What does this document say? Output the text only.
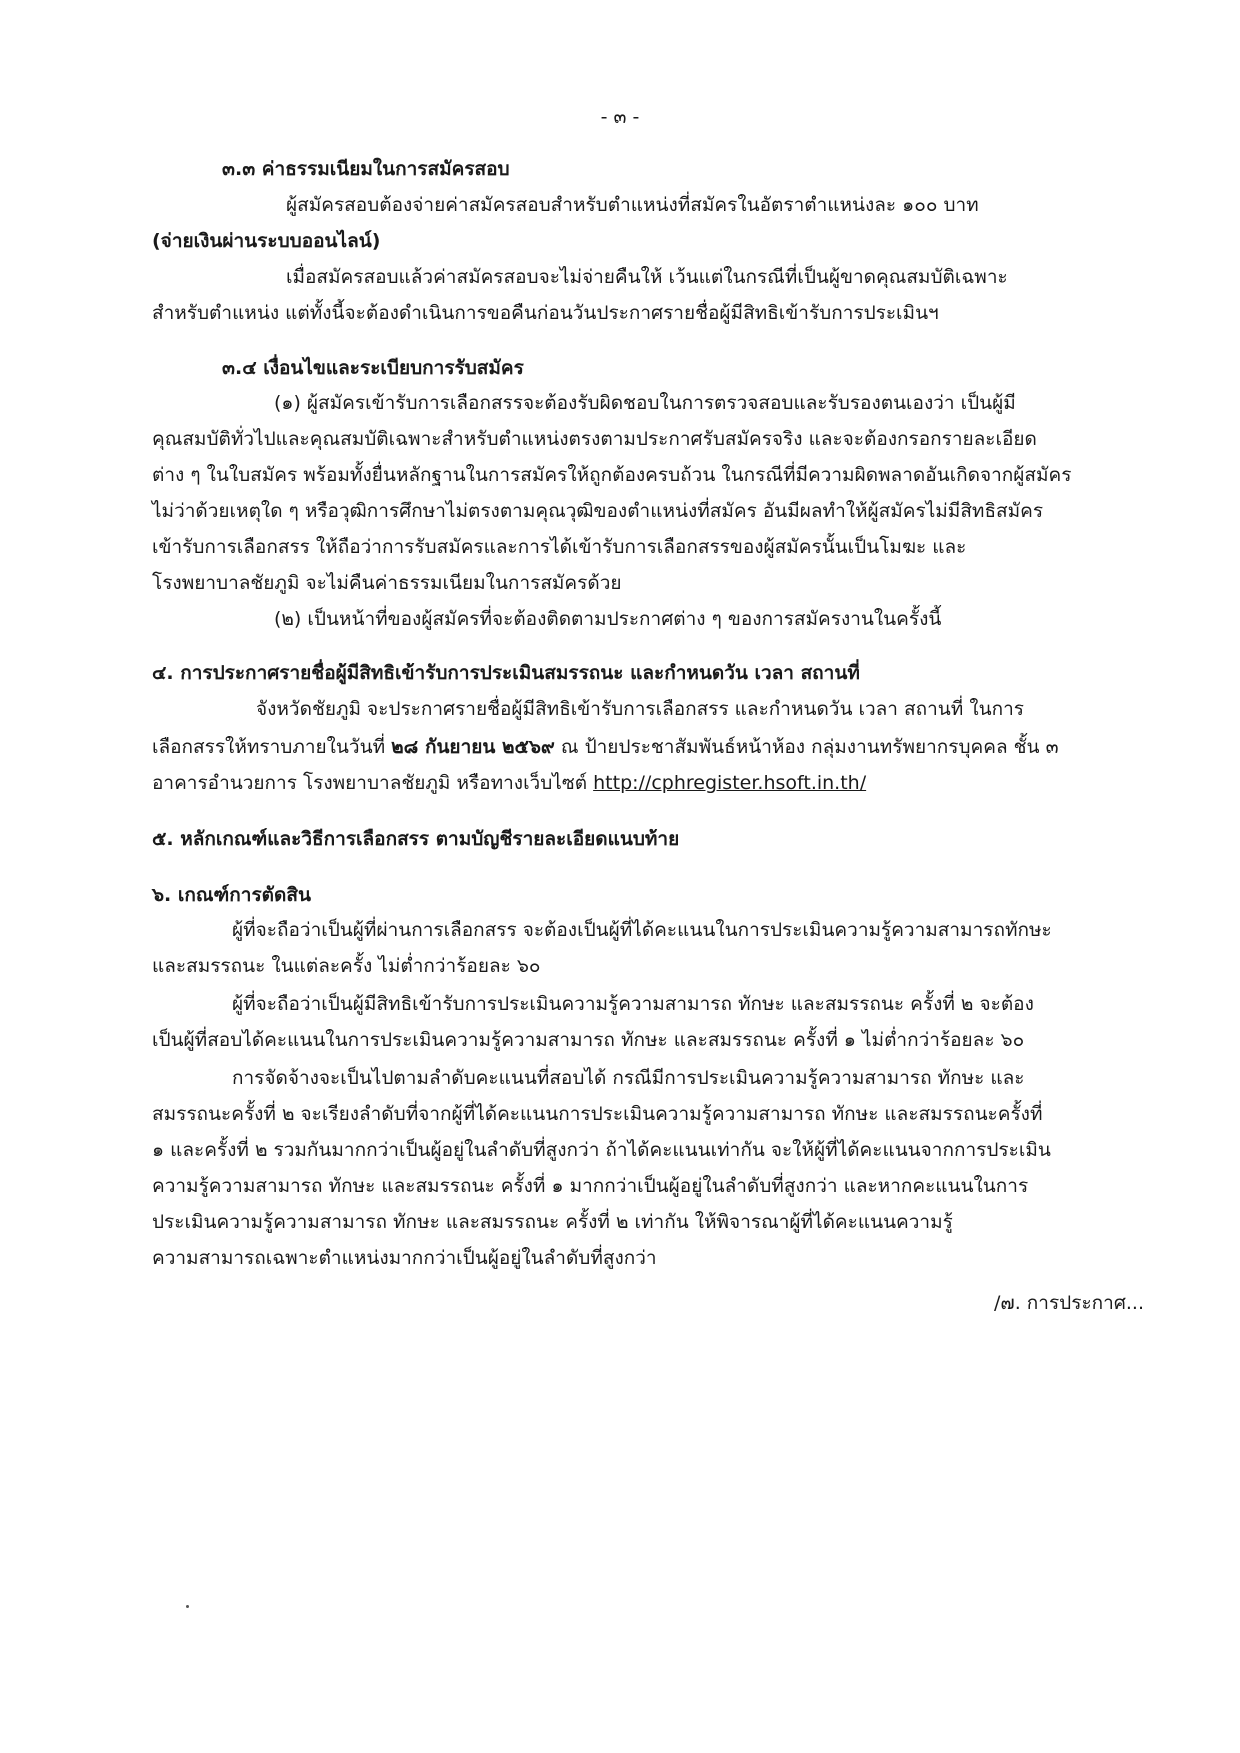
- ๓ -
๓.๓ ค่าธรรมเนียมในการสมัครสอบ
ผู้สมัครสอบต้องจ่ายค่าสมัครสอบสำหรับตำแหน่งที่สมัครในอัตราตำแหน่งละ ๑๐๐ บาท
(จ่ายเงินผ่านระบบออนไลน์)
เมื่อสมัครสอบแล้วค่าสมัครสอบจะไม่จ่ายคืนให้ เว้นแต่ในกรณีที่เป็นผู้ขาดคุณสมบัติเฉพาะ
สำหรับตำแหน่ง แต่ทั้งนี้จะต้องดำเนินการขอคืนก่อนวันประกาศรายชื่อผู้มีสิทธิเข้ารับการประเมินฯ
๓.๔ เงื่อนไขและระเบียบการรับสมัคร
(๑) ผู้สมัครเข้ารับการเลือกสรรจะต้องรับผิดชอบในการตรวจสอบและรับรองตนเองว่า เป็นผู้มี
คุณสมบัติทั่วไปและคุณสมบัติเฉพาะสำหรับตำแหน่งตรงตามประกาศรับสมัครจริง และจะต้องกรอกรายละเอียด
ต่าง ๆ ในใบสมัคร พร้อมทั้งยื่นหลักฐานในการสมัครให้ถูกต้องครบถ้วน ในกรณีที่มีความผิดพลาดอันเกิดจากผู้สมัคร
ไม่ว่าด้วยเหตุใด ๆ หรือวุฒิการศึกษาไม่ตรงตามคุณวุฒิของตำแหน่งที่สมัคร อันมีผลทำให้ผู้สมัครไม่มีสิทธิสมัคร
เข้ารับการเลือกสรร ให้ถือว่าการรับสมัครและการได้เข้ารับการเลือกสรรของผู้สมัครนั้นเป็นโมฆะ และ
โรงพยาบาลชัยภูมิ จะไม่คืนค่าธรรมเนียมในการสมัครด้วย
(๒) เป็นหน้าที่ของผู้สมัครที่จะต้องติดตามประกาศต่าง ๆ ของการสมัครงานในครั้งนี้
๔. การประกาศรายชื่อผู้มีสิทธิเข้ารับการประเมินสมรรถนะ และกำหนดวัน เวลา สถานที่
จังหวัดชัยภูมิ จะประกาศรายชื่อผู้มีสิทธิเข้ารับการเลือกสรร และกำหนดวัน เวลา สถานที่ ในการ
เลือกสรรให้ทราบภายในวันที่ ๒๘ กันยายน ๒๕๖๙ ณ ป้ายประชาสัมพันธ์หน้าห้อง กลุ่มงานทรัพยากรบุคคล ชั้น ๓
อาคารอำนวยการ โรงพยาบาลชัยภูมิ หรือทางเว็บไซต์ http://cphregister.hsoft.in.th/
๕. หลักเกณฑ์และวิธีการเลือกสรร ตามบัญชีรายละเอียดแนบท้าย
๖. เกณฑ์การตัดสิน
ผู้ที่จะถือว่าเป็นผู้ที่ผ่านการเลือกสรร จะต้องเป็นผู้ที่ได้คะแนนในการประเมินความรู้ความสามารถทักษะ
และสมรรถนะ ในแต่ละครั้ง ไม่ต่ำกว่าร้อยละ ๖๐
ผู้ที่จะถือว่าเป็นผู้มีสิทธิเข้ารับการประเมินความรู้ความสามารถ ทักษะ และสมรรถนะ ครั้งที่ ๒ จะต้อง
เป็นผู้ที่สอบได้คะแนนในการประเมินความรู้ความสามารถ ทักษะ และสมรรถนะ ครั้งที่ ๑ ไม่ต่ำกว่าร้อยละ ๖๐
การจัดจ้างจะเป็นไปตามลำดับคะแนนที่สอบได้ กรณีมีการประเมินความรู้ความสามารถ ทักษะ และ
สมรรถนะครั้งที่ ๒ จะเรียงลำดับที่จากผู้ที่ได้คะแนนการประเมินความรู้ความสามารถ ทักษะ และสมรรถนะครั้งที่
๑ และครั้งที่ ๒ รวมกันมากกว่าเป็นผู้อยู่ในลำดับที่สูงกว่า ถ้าได้คะแนนเท่ากัน จะให้ผู้ที่ได้คะแนนจากการประเมิน
ความรู้ความสามารถ ทักษะ และสมรรถนะ ครั้งที่ ๑ มากกว่าเป็นผู้อยู่ในลำดับที่สูงกว่า และหากคะแนนในการ
ประเมินความรู้ความสามารถ ทักษะ และสมรรถนะ ครั้งที่ ๒ เท่ากัน ให้พิจารณาผู้ที่ได้คะแนนความรู้
ความสามารถเฉพาะตำแหน่งมากกว่าเป็นผู้อยู่ในลำดับที่สูงกว่า
/๗. การประกาศ...
